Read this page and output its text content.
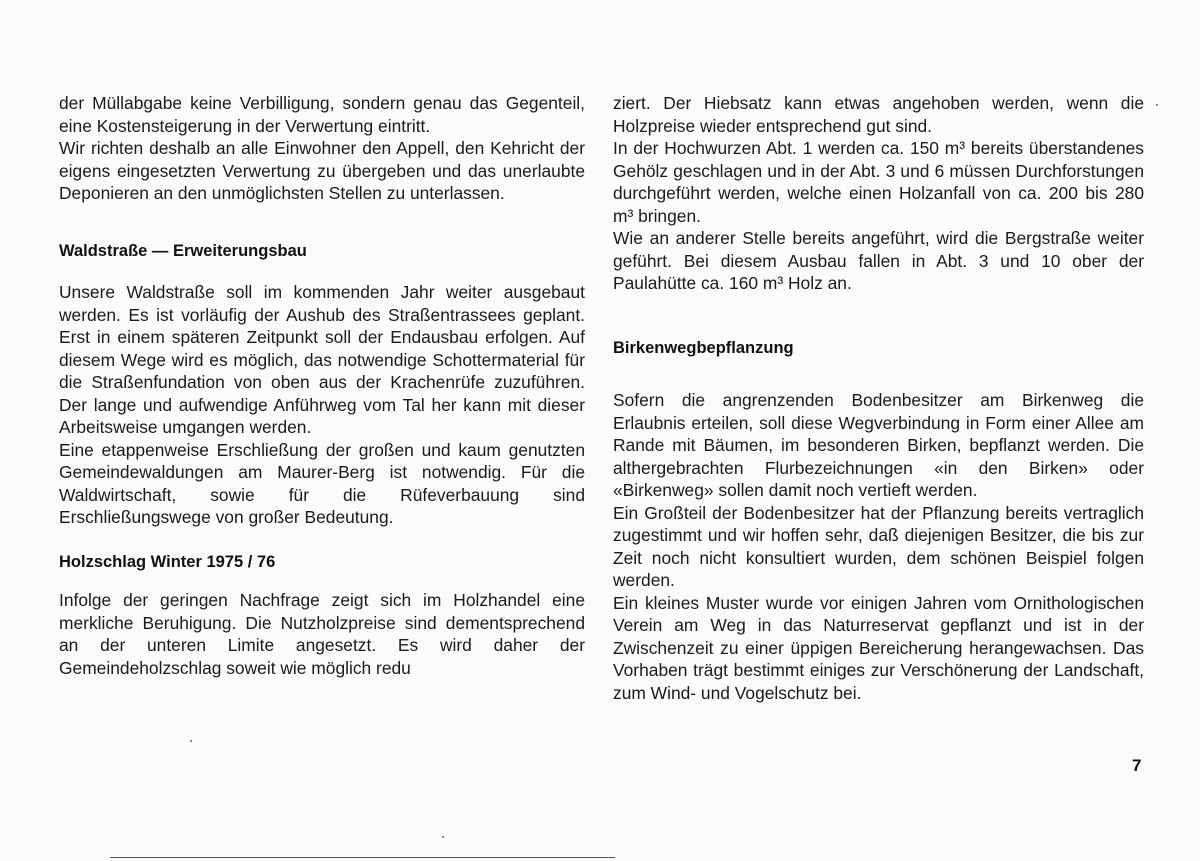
der Müllabgabe keine Verbilligung, sondern genau das Gegenteil, eine Kostensteigerung in der Verwertung eintritt.

Wir richten deshalb an alle Einwohner den Appell, den Kehricht der eigens eingesetzten Verwertung zu übergeben und das unerlaubte Deponieren an den unmöglichsten Stellen zu unterlassen.

Waldstraße — Erweiterungsbau

Unsere Waldstraße soll im kommenden Jahr weiter ausgebaut werden. Es ist vorläufig der Aushub des Straßentrassees geplant. Erst in einem späteren Zeitpunkt soll der Endausbau erfolgen. Auf diesem Wege wird es möglich, das notwendige Schottermaterial für die Straßenfundation von oben aus der Krachenrüfe zuzuführen. Der lange und aufwendige Anführweg vom Tal her kann mit dieser Arbeitsweise umgangen werden.

Eine etappenweise Erschließung der großen und kaum genutzten Gemeindewaldungen am Maurer-Berg ist notwendig. Für die Waldwirtschaft, sowie für die Rüfeverbauung sind Erschließungswege von großer Bedeutung.

Holzschlag Winter 1975 / 76

Infolge der geringen Nachfrage zeigt sich im Holzhandel eine merkliche Beruhigung. Die Nutzholzpreise sind dementsprechend an der unteren Limite angesetzt. Es wird daher der Gemeindeholzschlag soweit wie möglich redu

ziert. Der Hiebsatz kann etwas angehoben werden, wenn die Holzpreise wieder entsprechend gut sind.

In der Hochwurzen Abt. 1 werden ca. 150 m³ bereits überstandenes Gehölz geschlagen und in der Abt. 3 und 6 müssen Durchforstungen durchgeführt werden, welche einen Holzanfall von ca. 200 bis 280 m³ bringen.

Wie an anderer Stelle bereits angeführt, wird die Bergstraße weiter geführt. Bei diesem Ausbau fallen in Abt. 3 und 10 ober der Paulahütte ca. 160 m³ Holz an.

Birkenwegbepflanzung

Sofern die angrenzenden Bodenbesitzer am Birkenweg die Erlaubnis erteilen, soll diese Wegverbindung in Form einer Allee am Rande mit Bäumen, im besonderen Birken, bepflanzt werden. Die althergebrachten Flurbezeichnungen «in den Birken» oder «Birkenweg» sollen damit noch vertieft werden.

Ein Großteil der Bodenbesitzer hat der Pflanzung bereits vertraglich zugestimmt und wir hoffen sehr, daß diejenigen Besitzer, die bis zur Zeit noch nicht konsultiert wurden, dem schönen Beispiel folgen werden.

Ein kleines Muster wurde vor einigen Jahren vom Ornithologischen Verein am Weg in das Naturreservat gepflanzt und ist in der Zwischenzeit zu einer üppigen Bereicherung herangewachsen. Das Vorhaben trägt bestimmt einiges zur Verschönerung der Landschaft, zum Wind- und Vogelschutz bei.

7
